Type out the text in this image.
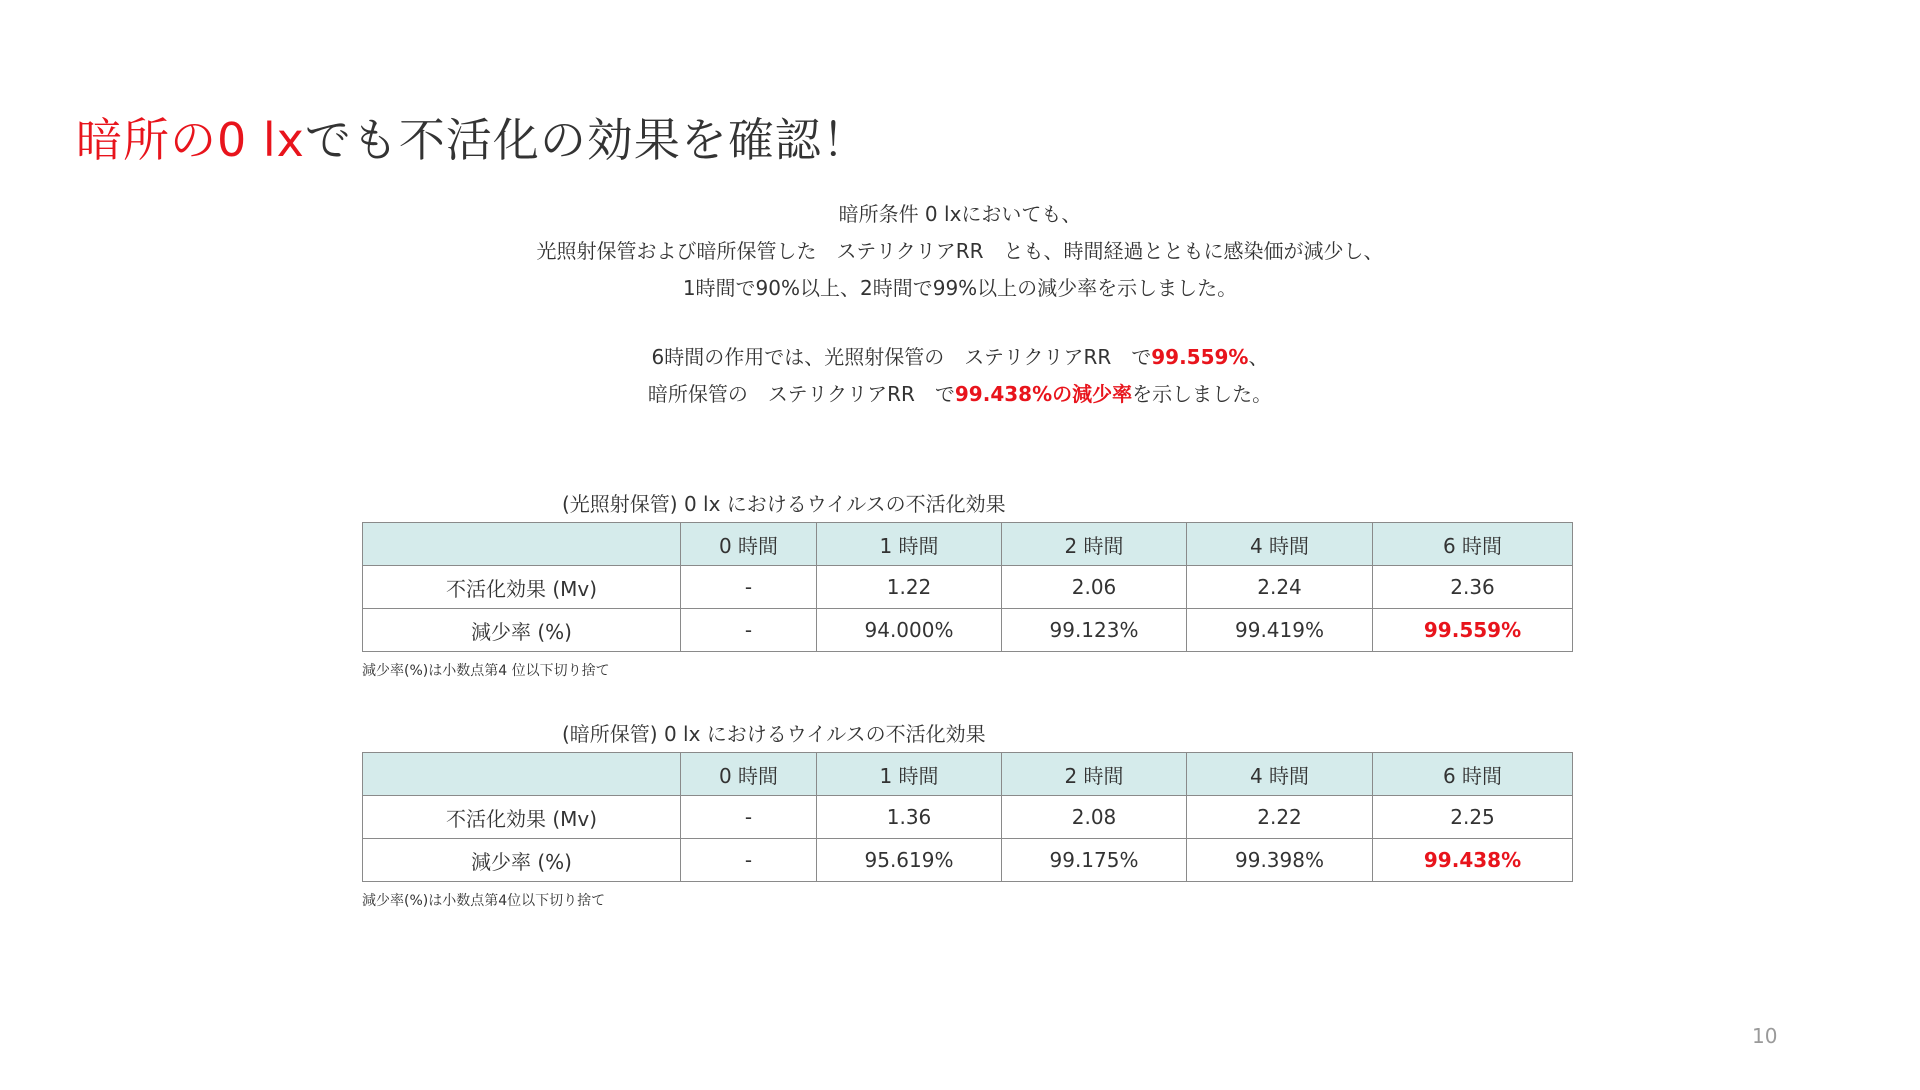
暗所の0 lxでも不活化の効果を確認！

暗所条件 0 lxにおいても、

光照射保管および暗所保管した　ステリクリアRR　とも、時間経過とともに感染価が減少し、

1時間で90%以上、2時間で99%以上の減少率を示しました。

6時間の作用では、光照射保管の　ステリクリアRR　で99.559%、

暗所保管の　ステリクリアRR　で99.438%の減少率を示しました。

(光照射保管) 0 lx におけるウイルスの不活化効果
	0 時間	1 時間	2 時間	4 時間	6 時間
不活化効果 (Mv)	-	1.22	2.06	2.24	2.36
減少率 (%)	-	94.000%	99.123%	99.419%	99.559%
減少率(%)は小数点第4 位以下切り捨て
(暗所保管) 0 lx におけるウイルスの不活化効果
	0 時間	1 時間	2 時間	4 時間	6 時間
不活化効果 (Mv)	-	1.36	2.08	2.22	2.25
減少率 (%)	-	95.619%	99.175%	99.398%	99.438%
減少率(%)は小数点第4位以下切り捨て
10
